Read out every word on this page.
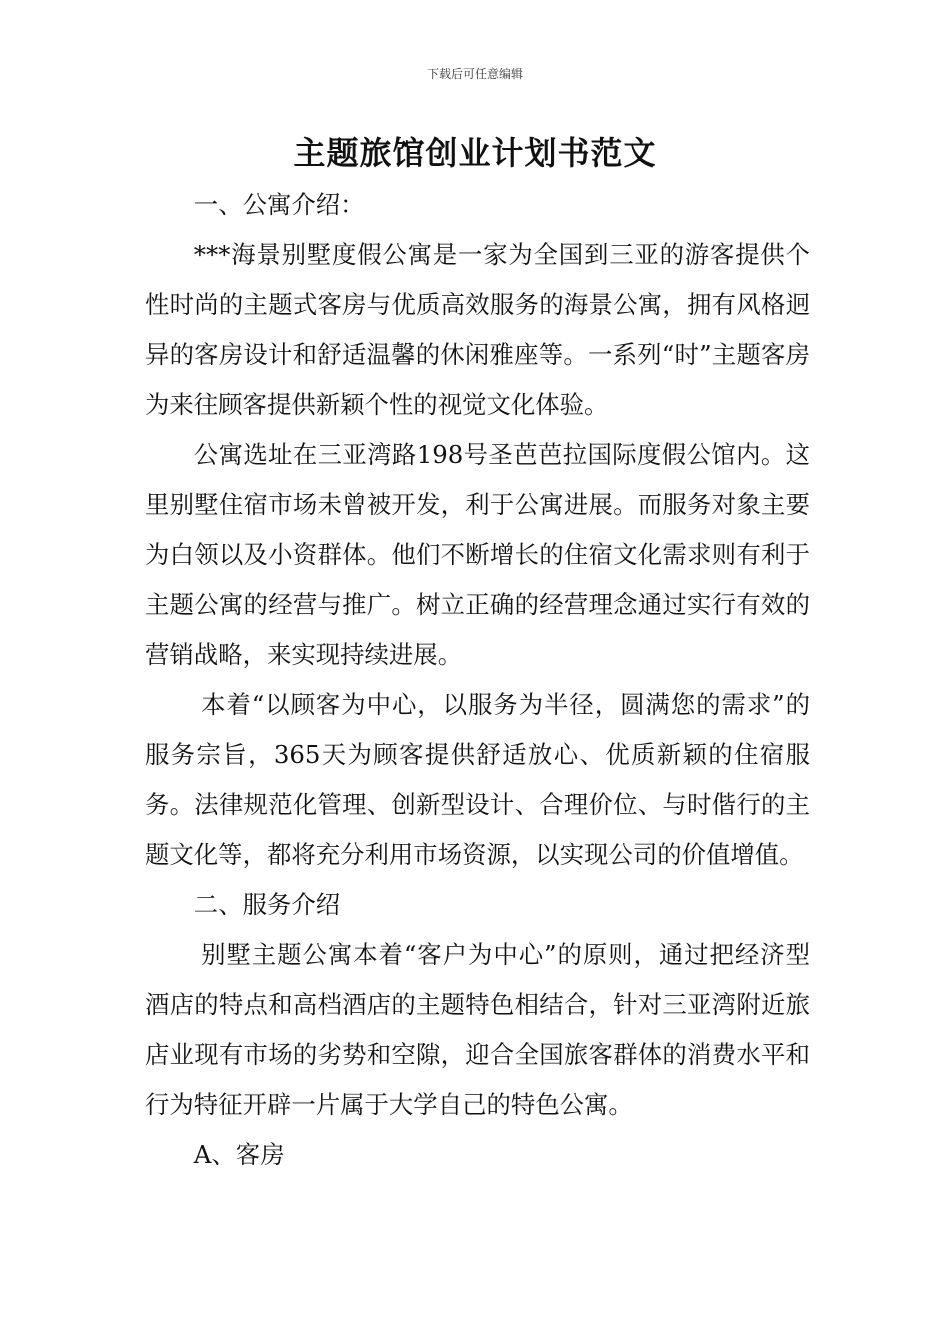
下载后可任意编辑
主题旅馆创业计划书范文

一、公寓介绍：

***海景别墅度假公寓是一家为全国到三亚的游客提供个性时尚的主题式客房与优质高效服务的海景公寓，拥有风格迥异的客房设计和舒适温馨的休闲雅座等。一系列“时”主题客房为来往顾客提供新颖个性的视觉文化体验。

公寓选址在三亚湾路198号圣芭芭拉国际度假公馆内。这里别墅住宿市场未曾被开发，利于公寓进展。而服务对象主要为白领以及小资群体。他们不断增长的住宿文化需求则有利于主题公寓的经营与推广。树立正确的经营理念通过实行有效的营销战略，来实现持续进展。

本着“以顾客为中心，以服务为半径，圆满您的需求”的服务宗旨，365天为顾客提供舒适放心、优质新颖的住宿服务。法律规范化管理、创新型设计、合理价位、与时偕行的主题文化等，都将充分利用市场资源，以实现公司的价值增值。

二、服务介绍

别墅主题公寓本着“客户为中心”的原则，通过把经济型酒店的特点和高档酒店的主题特色相结合，针对三亚湾附近旅店业现有市场的劣势和空隙，迎合全国旅客群体的消费水平和行为特征开辟一片属于大学自己的特色公寓。

A、客房
